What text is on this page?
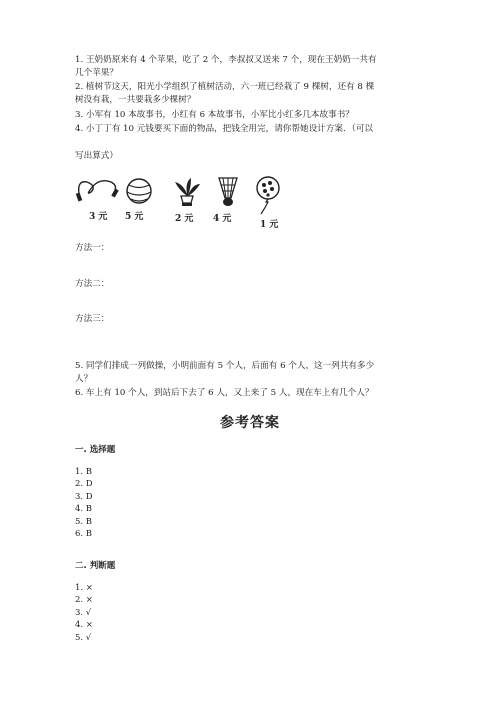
1. 王奶奶原来有 4 个苹果，吃了 2 个，李叔叔又送来 7 个，现在王奶奶一共有
几个苹果？
2. 植树节这天，阳光小学组织了植树活动，六一班已经栽了 9 棵树，还有 8 棵
树没有栽，一共要栽多少棵树？
3. 小军有 10 本故事书，小红有 6 本故事书，小军比小红多几本故事书？
4. 小丁丁有 10 元钱要买下面的物品，把钱全用完，请你帮她设计方案．（可以
写出算式）
3 元 5 元	2 元 4 元
1 元
方法一：
方法二：
方法三：
5. 同学们排成一列做操，小明前面有 5 个人，后面有 6 个人，这一列共有多少
人？
6. 车上有 10 个人，到站后下去了 6 人，又上来了 5 人，现在车上有几个人？
参考答案
一. 选择题
1. B
2. D
3. D
4. B
5. B
6. B
二. 判断题
1. ×
2. ×
3. √
4. ×
5. √
